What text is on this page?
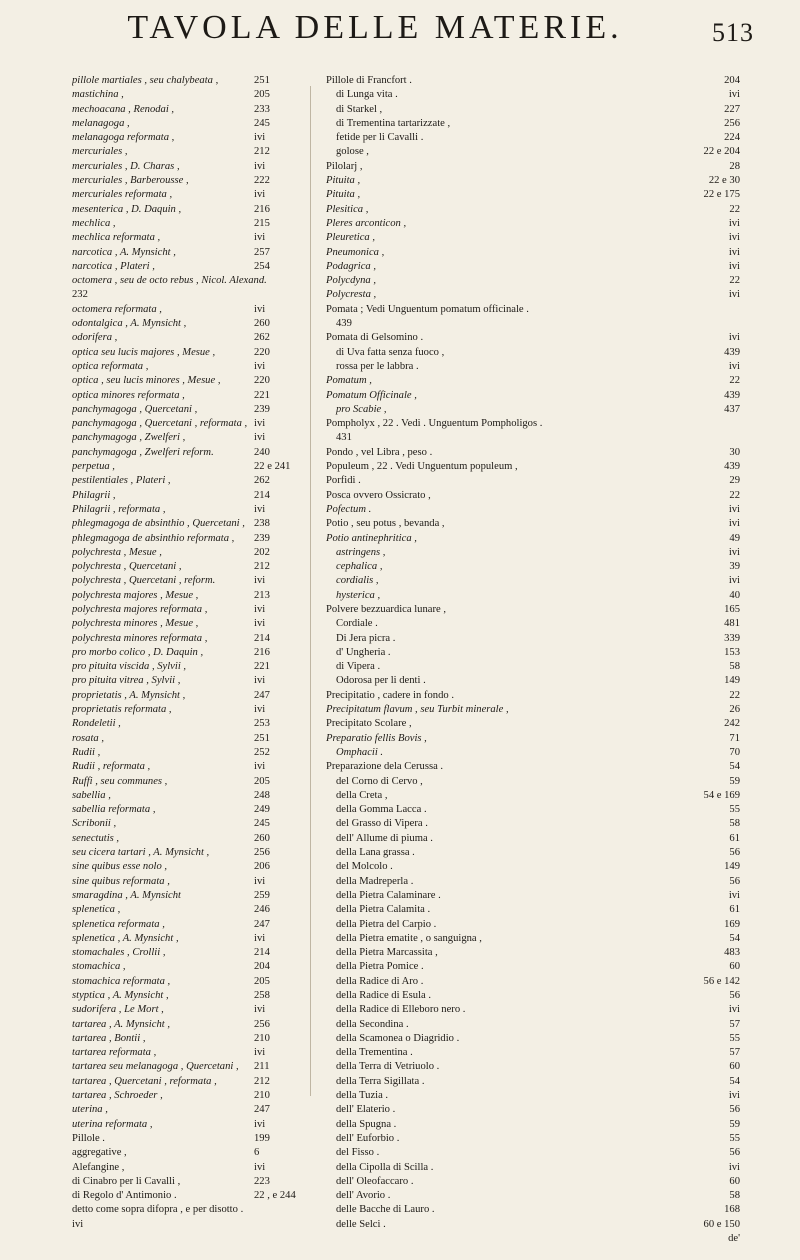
TAVOLA DELLE MATERIE.	513
pillole martiales , seu chalybeata ,	251
mastichina ,	205
mechoacana , Renodai ,	233
melanagoga ,	245
melanagoga reformata ,	ivi
mercuriales ,	212
mercuriales , D. Charas ,	ivi
mercuriales , Barberousse ,	222
mercuriales reformata ,	ivi
mesenterica , D. Daquin ,	216
mechlica ,	215
mechlica reformata ,	ivi
narcotica , A. Mynsicht ,	257
narcotica , Plateri ,	254
octomera , seu de octo rebus , Nicol. Alexand.
232
octomera reformata ,	ivi
odontalgica , A. Mynsicht ,	260
odorifera ,	262
optica seu lucis majores , Mesue ,	220
optica reformata ,	ivi
optica , seu lucis minores , Mesue ,	220
optica minores reformata ,	221
panchymagoga , Quercetani ,	239
panchymagoga , Quercetani , reformata , ivi
panchymagoga , Zwelferi ,	ivi
panchymagoga , Zwelferi reform.	240
perpetua ,	22 e 241
pestilentiales , Plateri ,	262
Philagrii ,	214
Philagrii , reformata ,	ivi
phlegmagoga de absinthio , Quercetani , 238
phlegmagoga de absinthio reformata , 239
polychresta , Mesue ,	202
polychresta , Quercetani ,	212
polychresta , Quercetani , reform.	ivi
polychresta majores , Mesue ,	213
polychresta majores reformata ,	ivi
polychresta minores , Mesue ,	ivi
polychresta minores reformata ,	214
pro morbo colico , D. Daquin ,	216
pro pituita viscida , Sylvii ,	221
pro pituita vitrea , Sylvii ,	ivi
proprietatis , A. Mynsicht ,	247
proprietatis reformata ,	ivi
Rondeletii ,	253
rosata ,	251
Rudii ,	252
Rudii , reformata ,	ivi
Ruffi , seu communes ,	205
sabellia ,	248
sabellia reformata ,	249
Scribonii ,	245
senectutis ,	260
seu cicera tartari , A. Mynsicht ,	256
sine quibus esse nolo ,	206
sine quibus reformata ,	ivi
smaragdina , A. Mynsicht	259
splenetica ,	246
splenetica reformata ,	247
splenetica , A. Mynsicht ,	ivi
stomachales , Crollii ,	214
stomachica ,	204
stomachica reformata ,	205
styptica , A. Mynsicht ,	258
sudorifera , Le Mort ,	ivi
tartarea , A. Mynsicht ,	256
tartarea , Bontii ,	210
tartarea reformata ,	ivi
tartarea seu melanagoga , Quercetani , 211
tartarea , Quercetani , reformata ,	212
tartarea , Schroeder ,	210
uterina ,	247
uterina reformata ,	ivi
Pillole .	199
aggregative ,	6
Alefangine ,	ivi
di Cinabro per li Cavalli ,	223
di Regolo d' Antimonio .	22 , e 244
detto come sopra difopra , e per disotto .
ivi
Pillole di Francfort .	204
di Lunga vita .	ivi
di Starkel ,	227
di Trementina tartarizzate ,	256
fetide per li Cavalli .	224
golose ,	22 e 204
Pilolarj ,	28
Pituita ,	22 e 30
Pituita ,	22 e 175
Plesitica ,	22
Pleres arconticon ,	ivi
Pleuretica ,	ivi
Pneumonica ,	ivi
Podagrica ,	ivi
Polycdyna ,	22
Polycresta ,	ivi
Pomata ; Vedi Unguentum pomatum officinale .
439
Pomata di Gelsomino .	ivi
di Uva fatta senza fuoco ,	439
rossa per le labbra .	ivi
Pomatum ,	22
Pomatum Officinale ,	439
pro Scabie ,	437
Pompholyx , 22 . Vedi . Unguentum Pompholigos .
431
Pondo , vel Libra , peso .	30
Populeum , 22 . Vedi Unguentum populeum ,	439
Porfidi .	29
Posca ovvero Ossicrato ,	22
Pofectum .	ivi
Potio , seu potus , bevanda ,	ivi
Potio antinephritica ,	49
astringens ,	ivi
cephalica ,	39
cordialis ,	ivi
hysterica ,	40
Polvere bezzuardica lunare ,	165
Cordiale .	481
Di Jera picra .	339
d' Ungheria .	153
di Vipera .	58
Odorosa per li denti .	149
Precipitatio , cadere in fondo .	22
Precipitatum flavum , seu Turbit minerale ,	26
Precipitato Scolare ,	242
Preparatio fellis Bovis ,	71
Omphacii .	70
Preparazione dela Cerussa .	54
del Corno di Cervo ,	59
della Creta ,	54 e 169
della Gomma Lacca .	55
del Grasso di Vipera .	58
dell' Allume di piuma .	61
della Lana grassa .	56
del Molcolo .	149
della Madreperla .	56
della Pietra Calaminare .	ivi
della Pietra Calamita .	61
della Pietra del Carpio .	169
della Pietra ematite , o sanguigna ,	54
della Pietra Marcassita ,	483
della Pietra Pomice .	60
della Radice di Aro .	56 e 142
della Radice di Esula .	56
della Radice di Elleboro nero .	ivi
della Secondina .	57
della Scamonea o Diagridio .	55
della Trementina .	57
della Terra di Vetriuolo .	60
della Terra Sigillata .	54
della Tuzia .	ivi
dell' Elaterio .	56
della Spugna .	59
dell' Euforbio .	55
del Fisso .	56
della Cipolla di Scilla .	ivi
dell' Oleofaccaro .	60
dell' Avorio .	58
delle Bacche di Lauro .	168
delle Selci .	60 e 150
de'
